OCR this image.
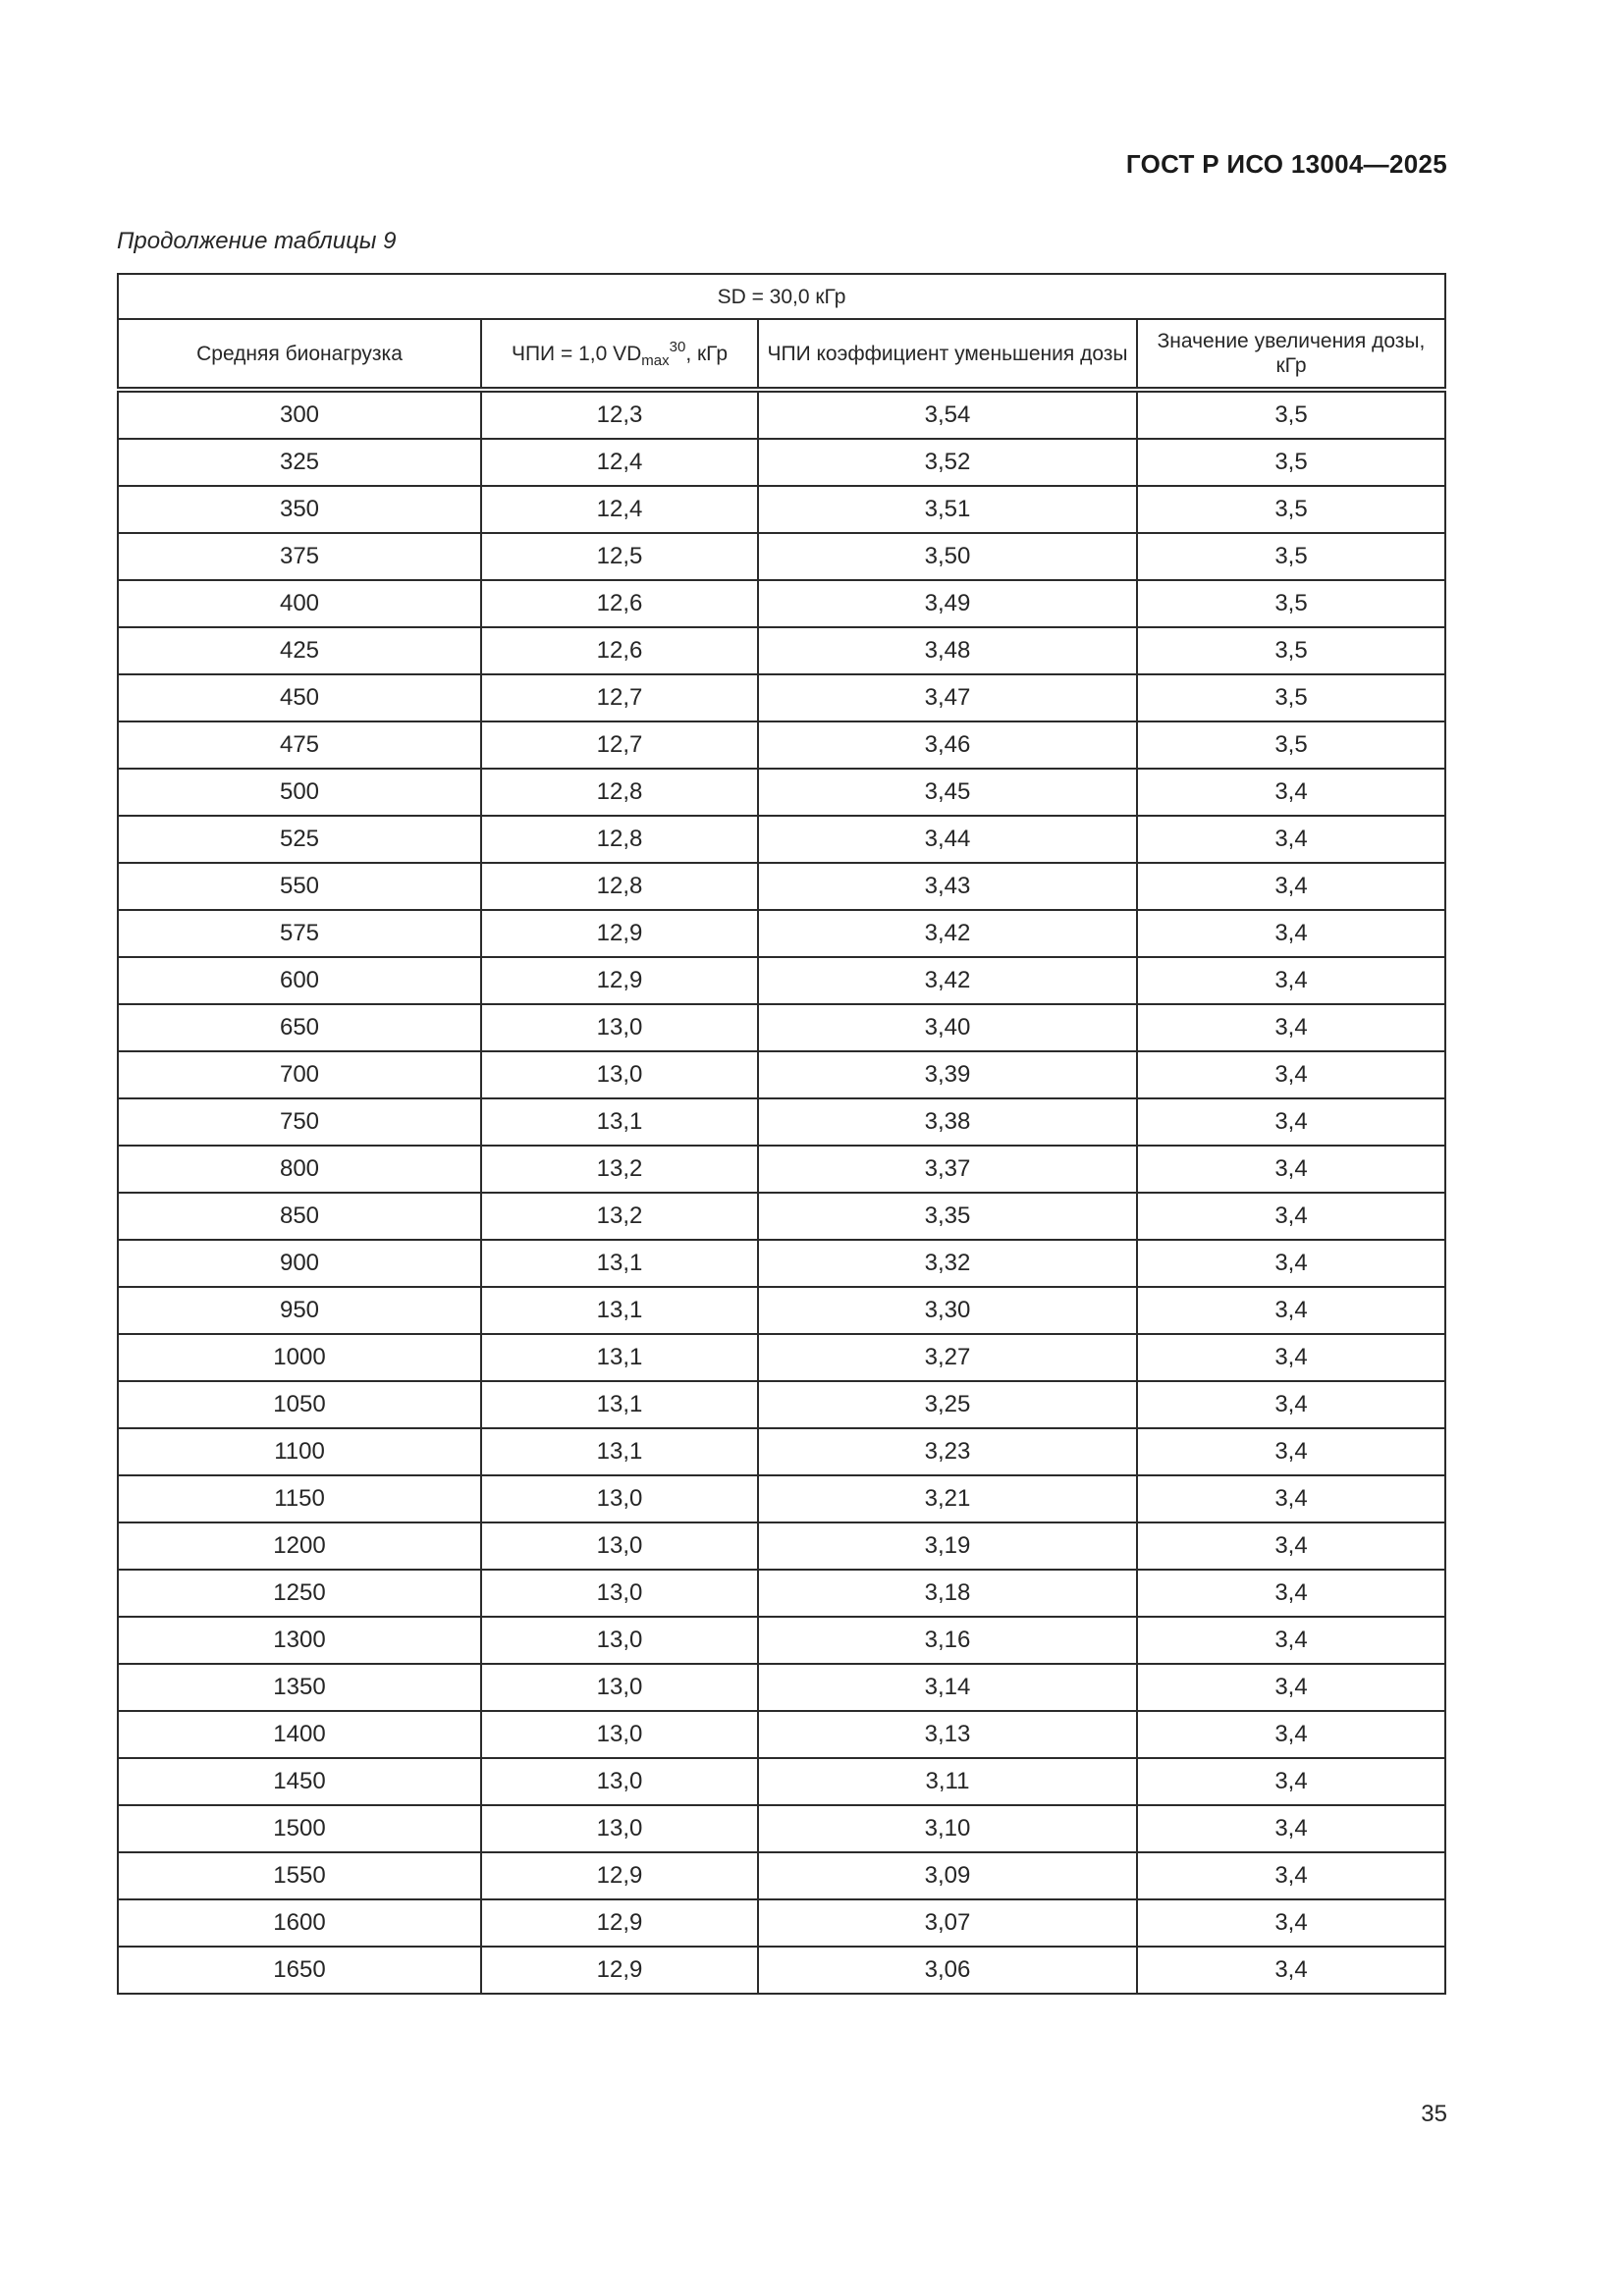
ГОСТ Р ИСО 13004—2025
Продолжение таблицы 9
SD = 30,0 кГр			
Средняя бионагрузка	ЧПИ = 1,0 $VD_{max}^{30}$, кГр	ЧПИ коэффициент уменьшения дозы	Значение увеличения дозы, кГр
300	12,3	3,54	3,5
325	12,4	3,52	3,5
350	12,4	3,51	3,5
375	12,5	3,50	3,5
400	12,6	3,49	3,5
425	12,6	3,48	3,5
450	12,7	3,47	3,5
475	12,7	3,46	3,5
500	12,8	3,45	3,4
525	12,8	3,44	3,4
550	12,8	3,43	3,4
575	12,9	3,42	3,4
600	12,9	3,42	3,4
650	13,0	3,40	3,4
700	13,0	3,39	3,4
750	13,1	3,38	3,4
800	13,2	3,37	3,4
850	13,2	3,35	3,4
900	13,1	3,32	3,4
950	13,1	3,30	3,4
1000	13,1	3,27	3,4
1050	13,1	3,25	3,4
1100	13,1	3,23	3,4
1150	13,0	3,21	3,4
1200	13,0	3,19	3,4
1250	13,0	3,18	3,4
1300	13,0	3,16	3,4
1350	13,0	3,14	3,4
1400	13,0	3,13	3,4
1450	13,0	3,11	3,4
1500	13,0	3,10	3,4
1550	12,9	3,09	3,4
1600	12,9	3,07	3,4
1650	12,9	3,06	3,4
35
